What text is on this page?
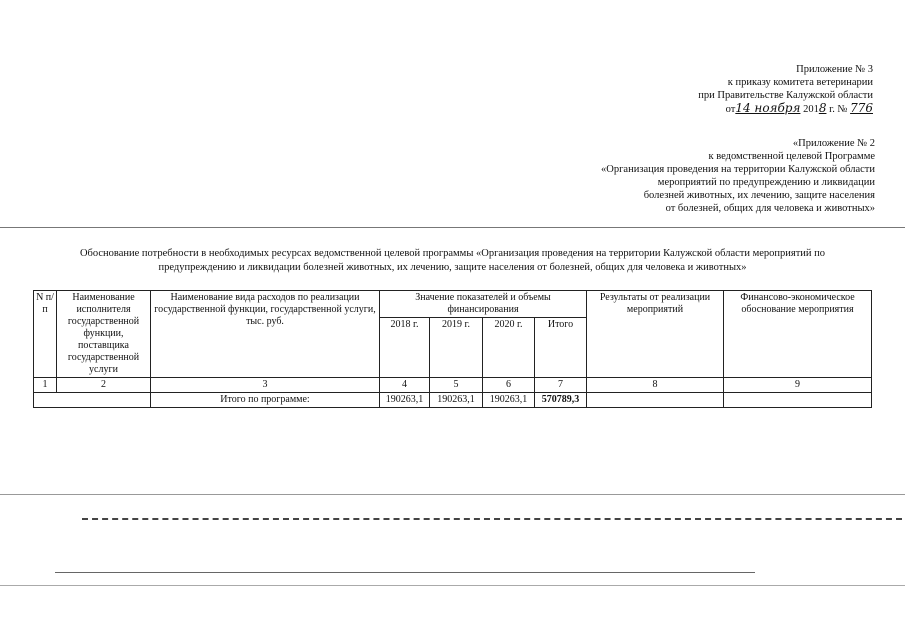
Приложение № 3
к приказу комитета ветеринарии
при Правительстве Калужской области
от14 ноября 2018 г. № 776
«Приложение № 2
к ведомственной целевой Программе
«Организация проведения на территории Калужской области
мероприятий по предупреждению и ликвидации
болезней животных, их лечению, защите населения
от болезней, общих для человека и животных»
Обоснование потребности в необходимых ресурсах ведомственной целевой программы «Организация проведения на территории Калужской области мероприятий по
предупреждению и ликвидации болезней животных, их лечению, защите населения от болезней, общих для человека и животных»
N п/ п	Наименование исполнителя государственной функции, поставщика государственной услуги	Наименование вида расходов по реализации государственной функции, государственной услуги, тыс. руб.	Значение показателей и объемы финансирования				Результаты от реализации мероприятий	Финансово-экономическое обоснование мероприятия
			2018 г.	2019 г.	2020 г.	Итого		
1	2	3	4	5	6	7	8	9
		Итого по программе:	190263,1	190263,1	190263,1	570789,3		
